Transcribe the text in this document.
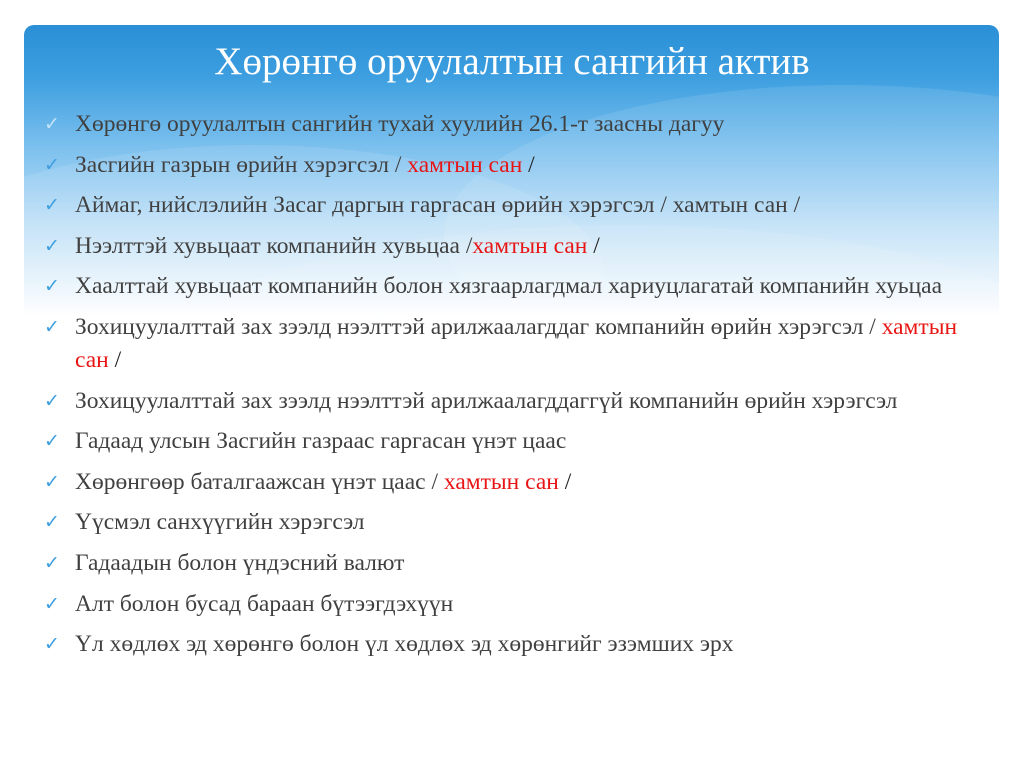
Хөрөнгө оруулалтын сангийн актив
✓ Хөрөнгө оруулалтын сангийн тухай хуулийн 26.1-т заасны дагуу
✓ Засгийн газрын өрийн хэрэгсэл / хамтын сан /
✓ Аймаг, нийслэлийн Засаг даргын гаргасан өрийн хэрэгсэл / хамтын сан /
✓ Нээлттэй хувьцаат компанийн хувьцаа /хамтын сан /
✓ Хаалттай хувьцаат компанийн болон хязгаарлагдмал хариуцлагатай компанийн хуьцаа
✓ Зохицуулалттай зах зээлд нээлттэй арилжаалагддаг компанийн өрийн хэрэгсэл / хамтын сан /
✓ Зохицуулалттай зах зээлд нээлттэй арилжаалагддаггүй компанийн өрийн хэрэгсэл
✓ Гадаад улсын Засгийн газраас гаргасан үнэт цаас
✓ Хөрөнгөөр баталгаажсан үнэт цаас / хамтын сан /
✓ Үүсмэл санхүүгийн хэрэгсэл
✓ Гадаадын болон үндэсний валют
✓ Алт болон бусад бараан бүтээгдэхүүн
✓ Үл хөдлөх эд хөрөнгө болон үл хөдлөх эд хөрөнгийг эзэмших эрх
